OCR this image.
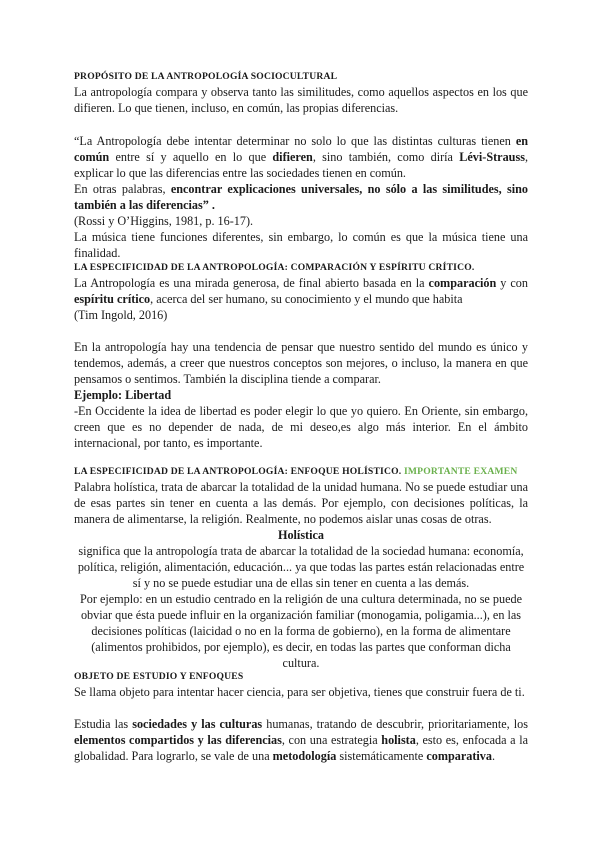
PROPÓSITO DE LA ANTROPOLOGÍA SOCIOCULTURAL
La antropología compara y observa tanto las similitudes, como aquellos aspectos en los que difieren. Lo que tienen, incluso, en común, las propias diferencias.
“La Antropología debe intentar determinar no solo lo que las distintas culturas tienen en común entre sí y aquello en lo que difieren, sino también, como diría Lévi-Strauss, explicar lo que las diferencias entre las sociedades tienen en común.
En otras palabras, encontrar explicaciones universales, no sólo a las similitudes, sino también a las diferencias” .
(Rossi y O’Higgins, 1981, p. 16-17).
La música tiene funciones diferentes, sin embargo, lo común es que la música tiene una finalidad.
LA ESPECIFICIDAD DE LA ANTROPOLOGÍA: COMPARACIÓN Y ESPÍRITU CRÍTICO.
La Antropología es una mirada generosa, de final abierto basada en la comparación y con espíritu crítico, acerca del ser humano, su conocimiento y el mundo que habita
(Tim Ingold, 2016)
En la antropología hay una tendencia de pensar que nuestro sentido del mundo es único y tendemos, además, a creer que nuestros conceptos son mejores, o incluso, la manera en que pensamos o sentimos. También la disciplina tiende a comparar.
Ejemplo: Libertad
-En Occidente la idea de libertad es poder elegir lo que yo quiero. En Oriente, sin embargo, creen que es no depender de nada, de mi deseo,es algo más interior. En el ámbito internacional, por tanto, es importante.
LA ESPECIFICIDAD DE LA ANTROPOLOGÍA: ENFOQUE HOLÍSTICO. IMPORTANTE EXAMEN
Palabra holística, trata de abarcar la totalidad de la unidad humana. No se puede estudiar una de esas partes sin tener en cuenta a las demás. Por ejemplo, con decisiones políticas, la manera de alimentarse, la religión. Realmente, no podemos aislar unas cosas de otras.
Holística
significa que la antropología trata de abarcar la totalidad de la sociedad humana: economía, política, religión, alimentación, educación... ya que todas las partes están relacionadas entre sí y no se puede estudiar una de ellas sin tener en cuenta a las demás.
Por ejemplo: en un estudio centrado en la religión de una cultura determinada, no se puede obviar que ésta puede influir en la organización familiar (monogamia, poligamia...), en las decisiones políticas (laicidad o no en la forma de gobierno), en la forma de alimentare (alimentos prohibidos, por ejemplo), es decir, en todas las partes que conforman dicha cultura.
OBJETO DE ESTUDIO Y ENFOQUES
Se llama objeto para intentar hacer ciencia, para ser objetiva, tienes que construir fuera de ti.
Estudia las sociedades y las culturas humanas, tratando de descubrir, prioritariamente, los elementos compartidos y las diferencias, con una estrategia holista, esto es, enfocada a la globalidad. Para lograrlo, se vale de una metodología sistemáticamente comparativa.
